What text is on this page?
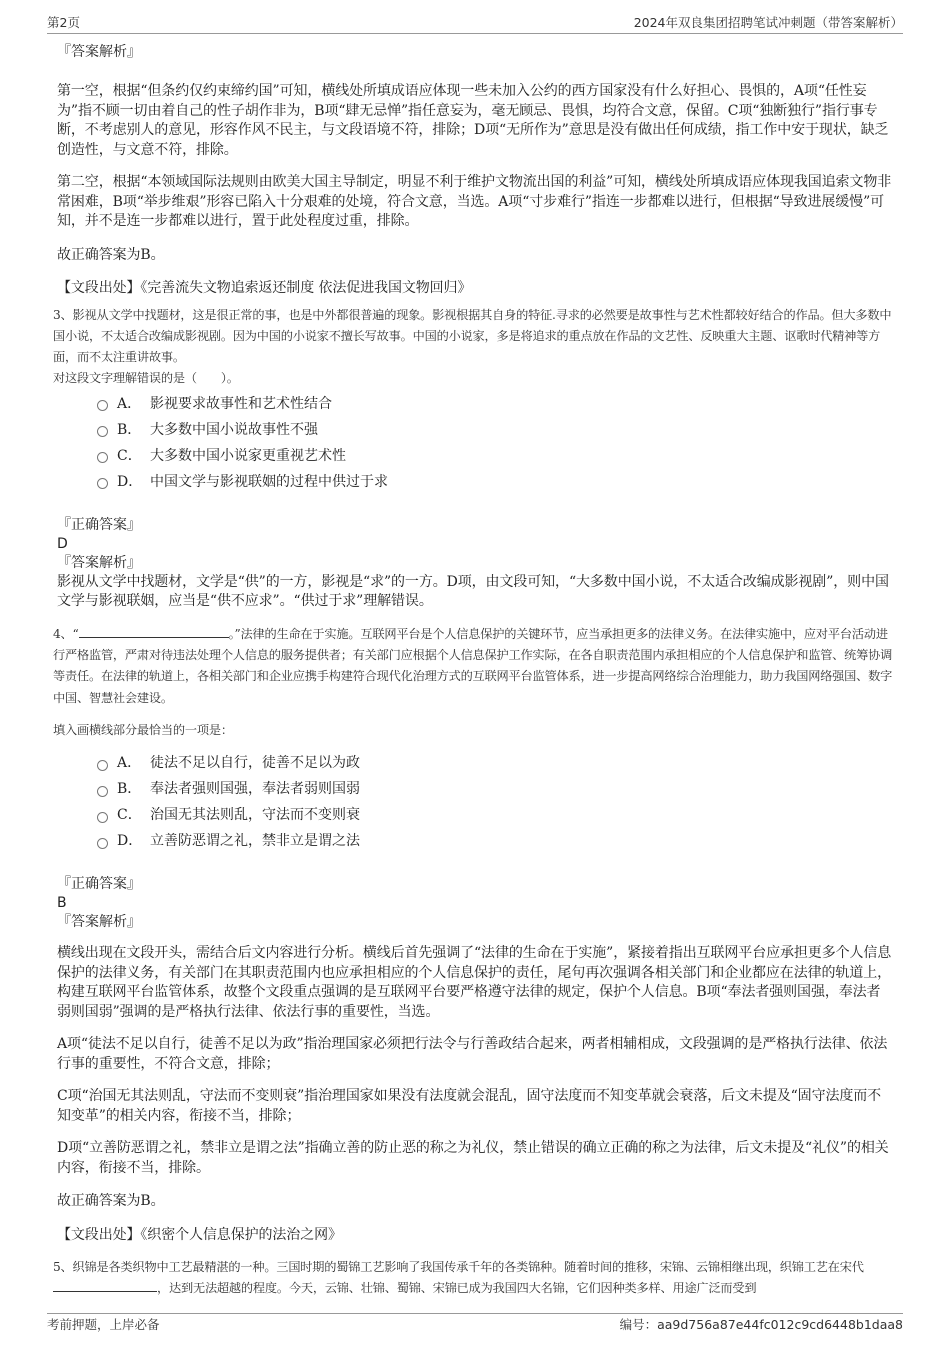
第2页	2024年双良集团招聘笔试冲刺题（带答案解析）

『答案解析』

第一空，根据“但条约仅约束缔约国”可知，横线处所填成语应体现一些未加入公约的西方国家没有什么好担心、畏惧的，A项“任性妄为”指不顾一切由着自己的性子胡作非为，B项“肆无忌惮”指任意妄为，毫无顾忌、畏惧，均符合文意，保留。C项“独断独行”指行事专断，不考虑别人的意见，形容作风不民主，与文段语境不符，排除；D项“无所作为”意思是没有做出任何成绩，指工作中安于现状，缺乏创造性，与文意不符，排除。

第二空，根据“本领域国际法规则由欧美大国主导制定，明显不利于维护文物流出国的利益”可知，横线处所填成语应体现我国追索文物非常困难，B项“举步维艰”形容已陷入十分艰难的处境，符合文意，当选。A项“寸步难行”指连一步都难以进行，但根据“导致进展缓慢”可知，并不是连一步都难以进行，置于此处程度过重，排除。

故正确答案为B。

【文段出处】《完善流失文物追索返还制度 依法促进我国文物回归》

3、影视从文学中找题材，这是很正常的事，也是中外都很普遍的现象。影视根据其自身的特征.寻求的必然要是故事性与艺术性都较好结合的作品。但大多数中国小说，不太适合改编成影视剧。因为中国的小说家不擅长写故事。中国的小说家，多是将追求的重点放在作品的文艺性、反映重大主题、讴歌时代精神等方面，而不太注重讲故事。

对这段文字理解错误的是（　　）。

A． 影视要求故事性和艺术性结合
B． 大多数中国小说故事性不强
C． 大多数中国小说家更重视艺术性
D． 中国文学与影视联姻的过程中供过于求

『正确答案』

D

『答案解析』

影视从文学中找题材，文学是“供”的一方，影视是“求”的一方。D项，由文段可知，“大多数中国小说，不太适合改编成影视剧”，则中国文学与影视联姻，应当是“供不应求”。“供过于求”理解错误。

4、“	。”法律的生命在于实施。互联网平台是个人信息保护的关键环节，应当承担更多的法律义务。在法律实施中，应对平台活动进行严格监管，严肃对待违法处理个人信息的服务提供者；有关部门应根据个人信息保护工作实际，在各自职责范围内承担相应的个人信息保护和监管、统筹协调等责任。在法律的轨道上，各相关部门和企业应携手构建符合现代化治理方式的互联网平台监管体系，进一步提高网络综合治理能力，助力我国网络强国、数字中国、智慧社会建设。

填入画横线部分最恰当的一项是：

A． 徒法不足以自行，徒善不足以为政
B． 奉法者强则国强，奉法者弱则国弱
C． 治国无其法则乱，守法而不变则衰
D． 立善防恶谓之礼，禁非立是谓之法

『正确答案』

B

『答案解析』

横线出现在文段开头，需结合后文内容进行分析。横线后首先强调了“法律的生命在于实施”，紧接着指出互联网平台应承担更多个人信息保护的法律义务，有关部门在其职责范围内也应承担相应的个人信息保护的责任，尾句再次强调各相关部门和企业都应在法律的轨道上，构建互联网平台监管体系，故整个文段重点强调的是互联网平台要严格遵守法律的规定，保护个人信息。B项“奉法者强则国强，奉法者弱则国弱”强调的是严格执行法律、依法行事的重要性，当选。

A项“徒法不足以自行，徒善不足以为政”指治理国家必须把行法令与行善政结合起来，两者相辅相成，文段强调的是严格执行法律、依法行事的重要性，不符合文意，排除；

C项“治国无其法则乱，守法而不变则衰”指治理国家如果没有法度就会混乱，固守法度而不知变革就会衰落，后文未提及“固守法度而不知变革”的相关内容，衔接不当，排除；

D项“立善防恶谓之礼，禁非立是谓之法”指确立善的防止恶的称之为礼仪，禁止错误的确立正确的称之为法律，后文未提及“礼仪”的相关内容，衔接不当，排除。

故正确答案为B。

【文段出处】《织密个人信息保护的法治之网》

5、织锦是各类织物中工艺最精湛的一种。三国时期的蜀锦工艺影响了我国传承千年的各类锦种。随着时间的推移，宋锦、云锦相继出现，织锦工艺在宋代，达到无法超越的程度。今天，云锦、壮锦、蜀锦、宋锦已成为我国四大名锦，它们因种类多样、用途广泛而受到

考前押题，上岸必备	编号：aa9d756a87e44fc012c9cd6448b1daa8
